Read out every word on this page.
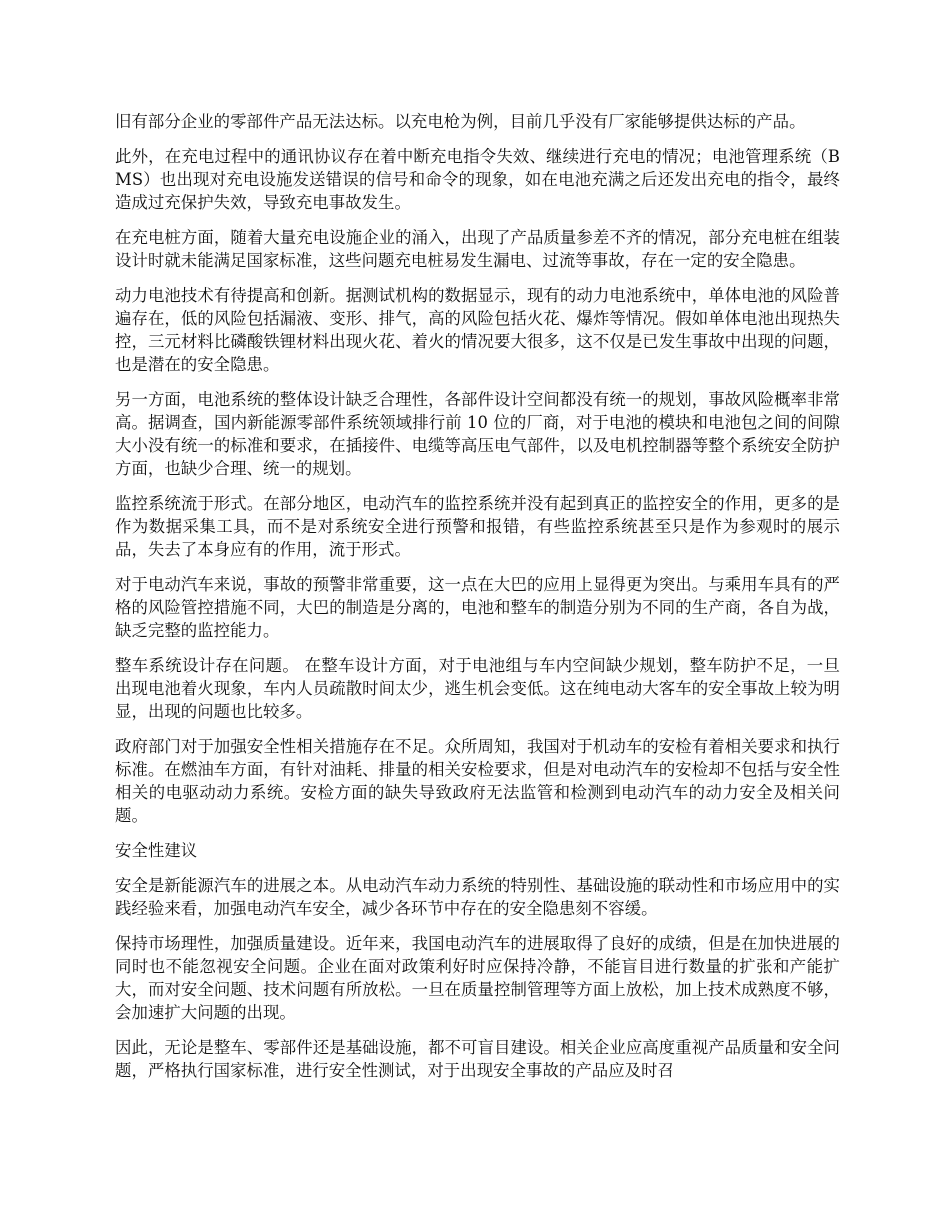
旧有部分企业的零部件产品无法达标。以充电枪为例，目前几乎没有厂家能够提供达标的产品。

此外，在充电过程中的通讯协议存在着中断充电指令失效、继续进行充电的情况；电池管理系统（BMS）也出现对充电设施发送错误的信号和命令的现象，如在电池充满之后还发出充电的指令，最终造成过充保护失效，导致充电事故发生。

在充电桩方面，随着大量充电设施企业的涌入，出现了产品质量参差不齐的情况，部分充电桩在组装设计时就未能满足国家标准，这些问题充电桩易发生漏电、过流等事故，存在一定的安全隐患。

动力电池技术有待提高和创新。据测试机构的数据显示，现有的动力电池系统中，单体电池的风险普遍存在，低的风险包括漏液、变形、排气，高的风险包括火花、爆炸等情况。假如单体电池出现热失控，三元材料比磷酸铁锂材料出现火花、着火的情况要大很多，这不仅是已发生事故中出现的问题，也是潜在的安全隐患。

另一方面，电池系统的整体设计缺乏合理性，各部件设计空间都没有统一的规划，事故风险概率非常高。据调查，国内新能源零部件系统领域排行前 10 位的厂商，对于电池的模块和电池包之间的间隙大小没有统一的标准和要求，在插接件、电缆等高压电气部件，以及电机控制器等整个系统安全防护方面，也缺少合理、统一的规划。

监控系统流于形式。在部分地区，电动汽车的监控系统并没有起到真正的监控安全的作用，更多的是作为数据采集工具，而不是对系统安全进行预警和报错，有些监控系统甚至只是作为参观时的展示品，失去了本身应有的作用，流于形式。

对于电动汽车来说，事故的预警非常重要，这一点在大巴的应用上显得更为突出。与乘用车具有的严格的风险管控措施不同，大巴的制造是分离的，电池和整车的制造分别为不同的生产商，各自为战，缺乏完整的监控能力。

整车系统设计存在问题。 在整车设计方面，对于电池组与车内空间缺少规划，整车防护不足，一旦出现电池着火现象，车内人员疏散时间太少，逃生机会变低。这在纯电动大客车的安全事故上较为明显，出现的问题也比较多。

政府部门对于加强安全性相关措施存在不足。众所周知，我国对于机动车的安检有着相关要求和执行标准。在燃油车方面，有针对油耗、排量的相关安检要求，但是对电动汽车的安检却不包括与安全性相关的电驱动动力系统。安检方面的缺失导致政府无法监管和检测到电动汽车的动力安全及相关问题。

安全性建议

安全是新能源汽车的进展之本。从电动汽车动力系统的特别性、基础设施的联动性和市场应用中的实践经验来看，加强电动汽车安全，减少各环节中存在的安全隐患刻不容缓。

保持市场理性，加强质量建设。近年来，我国电动汽车的进展取得了良好的成绩，但是在加快进展的同时也不能忽视安全问题。企业在面对政策利好时应保持冷静，不能盲目进行数量的扩张和产能扩大，而对安全问题、技术问题有所放松。一旦在质量控制管理等方面上放松，加上技术成熟度不够，会加速扩大问题的出现。

因此，无论是整车、零部件还是基础设施，都不可盲目建设。相关企业应高度重视产品质量和安全问题，严格执行国家标准，进行安全性测试，对于出现安全事故的产品应及时召
